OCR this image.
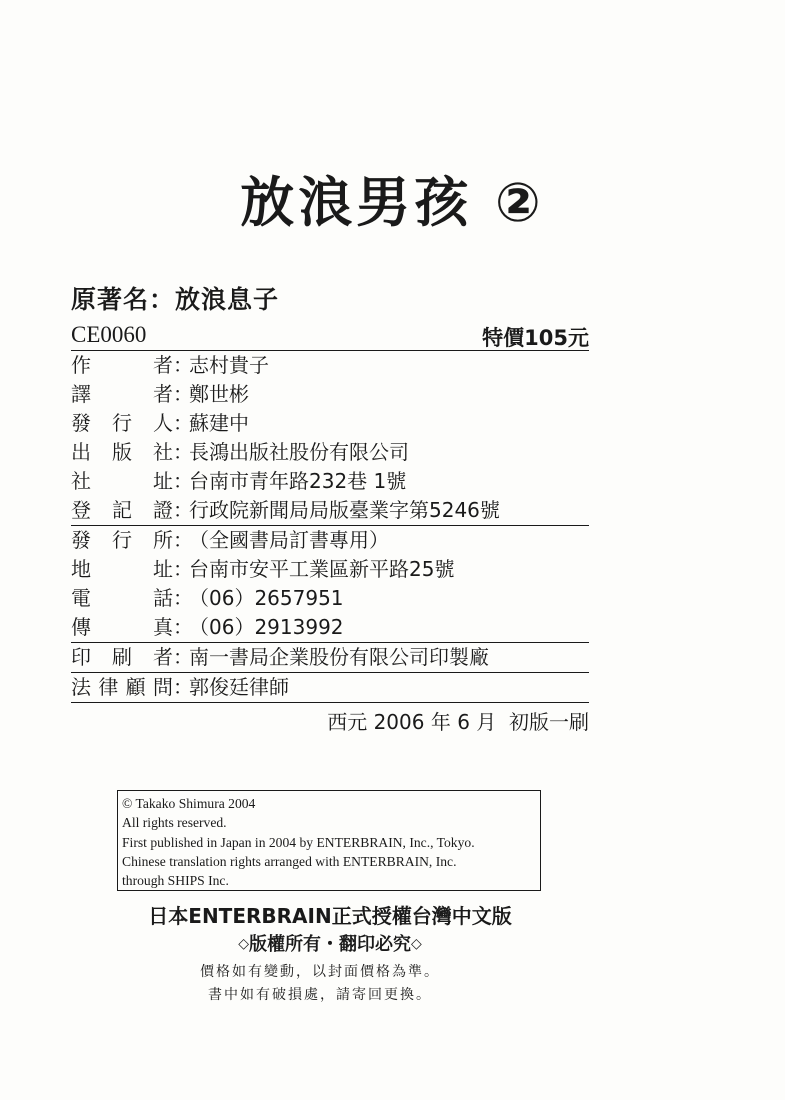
放浪男孩 ②
原著名：放浪息子
CE0060	特價105元
作	者 ：
志村貴子
譯	者 ：
鄭世彬
發 行 人 ：
蘇建中
出 版 社 ：
長鴻出版社股份有限公司
社	址 ：
台南市青年路232巷 1號
登 記 證 ：
行政院新聞局局版臺業字第5246號
發 行 所 ：
（全國書局訂書專用）
地	址 ：
台南市安平工業區新平路25號
電	話 ：
（06）2657951
傳	真 ：
（06）2913992
印 刷 者 ：
南一書局企業股份有限公司印製廠
法 律 顧 問 ：
郭俊廷律師
西元 2006 年 6 月  初版一刷
© Takako Shimura 2004
All rights reserved.
First published in Japan in 2004 by ENTERBRAIN, Inc., Tokyo.
Chinese translation rights arranged with ENTERBRAIN, Inc.
through SHIPS Inc.
日本ENTERBRAIN正式授權台灣中文版
◇版權所有・翻印必究◇
價格如有變動，以封面價格為準。
書中如有破損處，請寄回更換。
